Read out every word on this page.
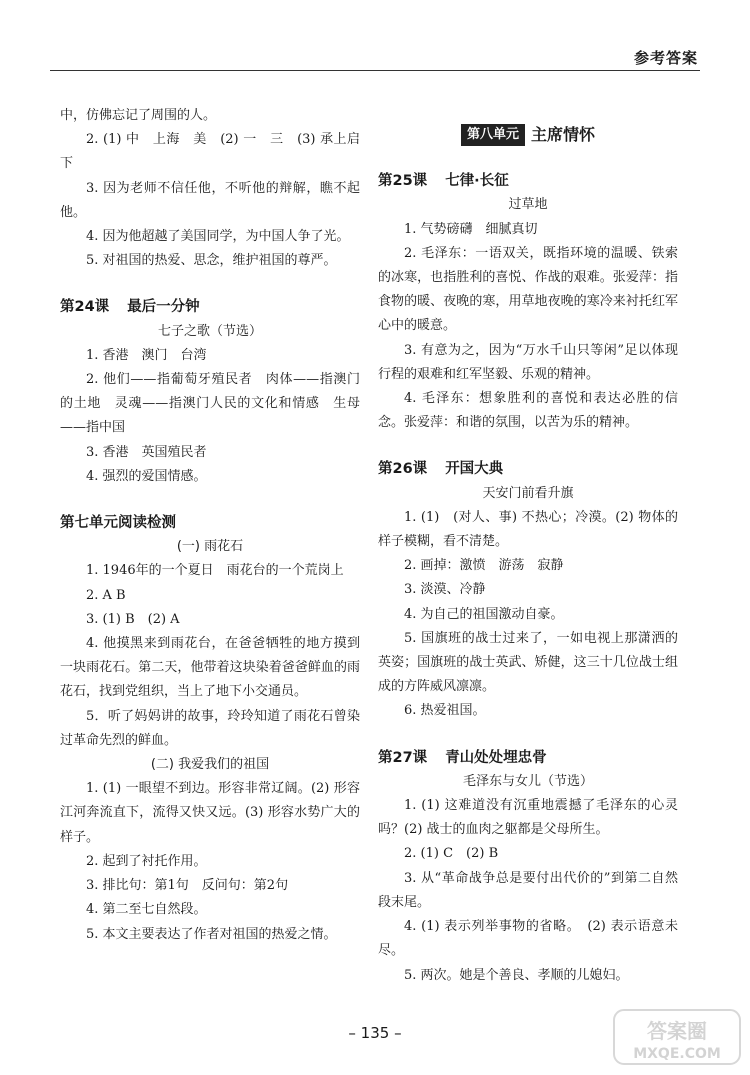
参考答案

中，仿佛忘记了周围的人。

2. (1) 中　上海　美　(2) 一　三　(3) 承上启下

3. 因为老师不信任他，不听他的辩解，瞧不起他。

4. 因为他超越了美国同学，为中国人争了光。

5. 对祖国的热爱、思念，维护祖国的尊严。

第24课 最后一分钟

七子之歌（节选）

1. 香港　澳门　台湾

2. 他们——指葡萄牙殖民者　肉体——指澳门的土地　灵魂——指澳门人民的文化和情感　生母——指中国

3. 香港　英国殖民者

4. 强烈的爱国情感。

第七单元阅读检测

(一) 雨花石

1. 1946年的一个夏日　雨花台的一个荒岗上

2. A B

3. (1) B　(2) A

4. 他摸黑来到雨花台，在爸爸牺牲的地方摸到一块雨花石。第二天，他带着这块染着爸爸鲜血的雨花石，找到党组织，当上了地下小交通员。

5．听了妈妈讲的故事，玲玲知道了雨花石曾染过革命先烈的鲜血。

(二) 我爱我们的祖国

1. (1) 一眼望不到边。形容非常辽阔。(2) 形容江河奔流直下，流得又快又远。(3) 形容水势广大的样子。

2. 起到了衬托作用。

3. 排比句：第1句　反问句：第2句

4. 第二至七自然段。

5. 本文主要表达了作者对祖国的热爱之情。

第八单元 主席情怀

第25课 七律·长征

过草地

1. 气势磅礴　细腻真切

2. 毛泽东：一语双关，既指环境的温暖、铁索的冰寒，也指胜利的喜悦、作战的艰难。张爱萍：指食物的暖、夜晚的寒，用草地夜晚的寒冷来衬托红军心中的暖意。

3. 有意为之，因为“万水千山只等闲”足以体现行程的艰难和红军坚毅、乐观的精神。

4. 毛泽东：想象胜利的喜悦和表达必胜的信念。张爱萍：和谐的氛围，以苦为乐的精神。

第26课 开国大典

天安门前看升旗

1. (1)　(对人、事) 不热心；冷漠。(2) 物体的样子模糊，看不清楚。

2. 画掉：激愤　游荡　寂静

3. 淡漠、冷静

4. 为自己的祖国激动自豪。

5. 国旗班的战士过来了，一如电视上那潇洒的英姿；国旗班的战士英武、矫健，这三十几位战士组成的方阵威风凛凛。

6. 热爱祖国。

第27课 青山处处埋忠骨

毛泽东与女儿（节选）

1. (1) 这难道没有沉重地震撼了毛泽东的心灵吗？(2) 战士的血肉之躯都是父母所生。

2. (1) C　(2) B

3. 从“革命战争总是要付出代价的”到第二自然段末尾。

4. (1) 表示列举事物的省略。　(2) 表示语意未尽。

5. 两次。她是个善良、孝顺的儿媳妇。

– 135 –	答案圈
MXQE.COM
